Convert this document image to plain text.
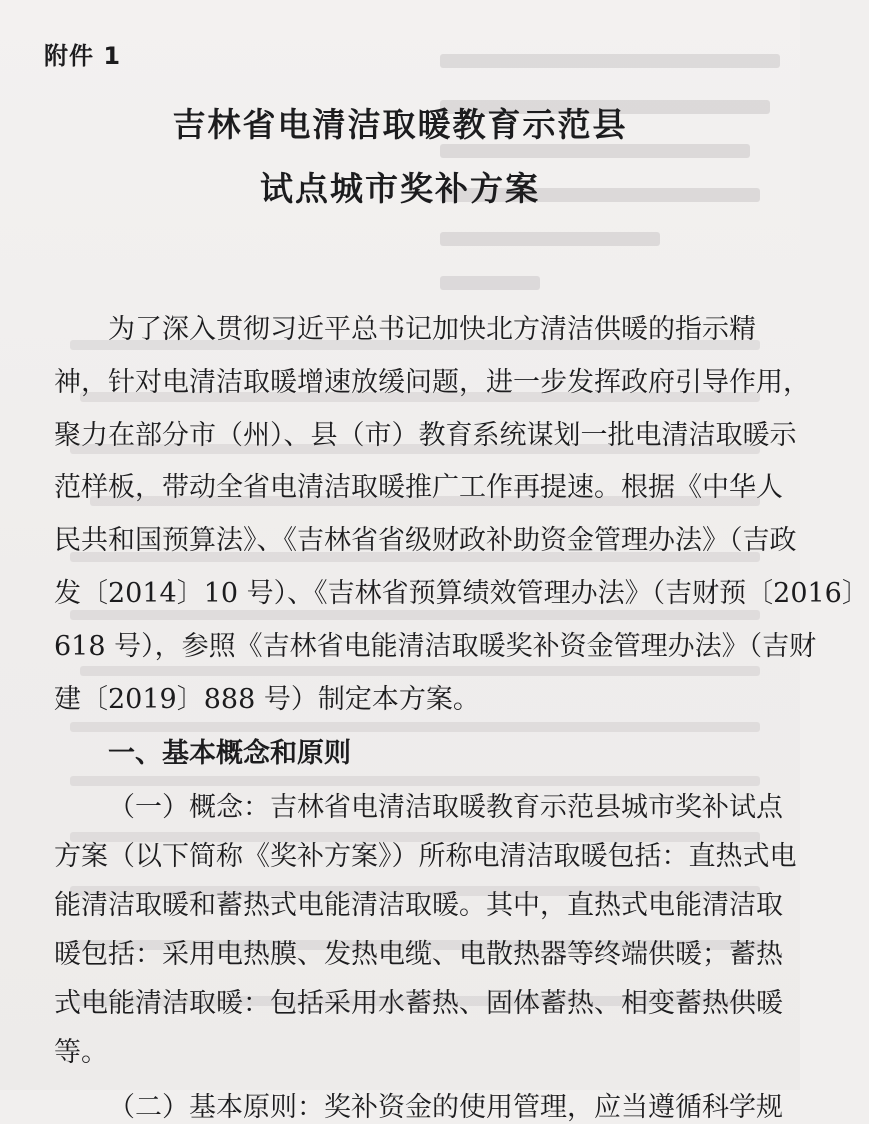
附件 1
吉林省电清洁取暖教育示范县
试点城市奖补方案
为了深入贯彻习近平总书记加快北方清洁供暖的指示精
神，针对电清洁取暖增速放缓问题，进一步发挥政府引导作用，
聚力在部分市（州）、县（市）教育系统谋划一批电清洁取暖示
范样板，带动全省电清洁取暖推广工作再提速。根据《中华人
民共和国预算法》、《吉林省省级财政补助资金管理办法》（吉政
发〔2014〕10 号）、《吉林省预算绩效管理办法》（吉财预〔2016〕
618 号），参照《吉林省电能清洁取暖奖补资金管理办法》（吉财
建〔2019〕888 号）制定本方案。
一、基本概念和原则
（一）概念：吉林省电清洁取暖教育示范县城市奖补试点
方案（以下简称《奖补方案》）所称电清洁取暖包括：直热式电
能清洁取暖和蓄热式电能清洁取暖。其中，直热式电能清洁取
暖包括：采用电热膜、发热电缆、电散热器等终端供暖；蓄热
式电能清洁取暖：包括采用水蓄热、固体蓄热、相变蓄热供暖
等。
（二）基本原则：奖补资金的使用管理，应当遵循科学规
